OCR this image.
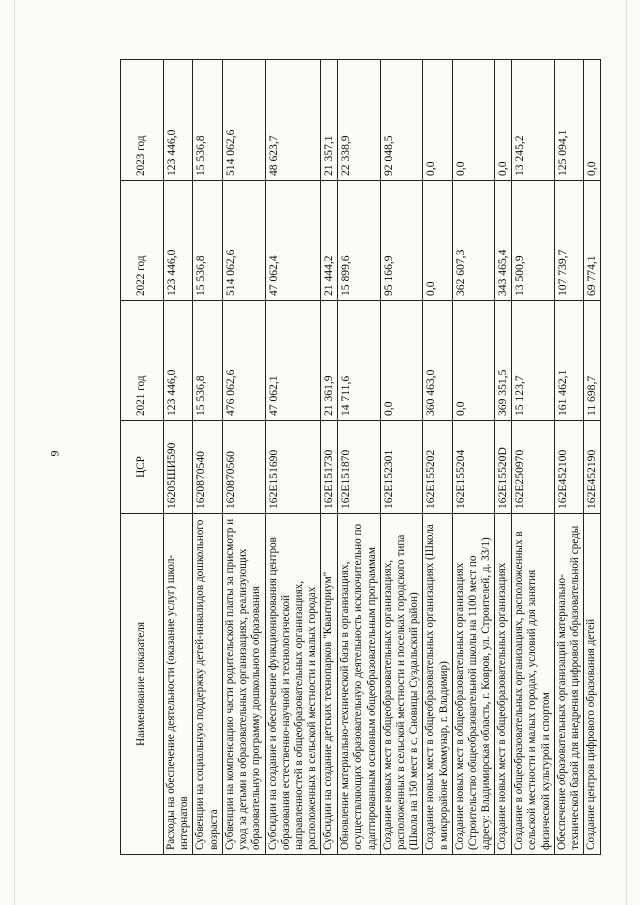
9
Наименование показателя	ЦСР	2021 год	2022 год	2023 год
Расходы на обеспечение деятельности (оказание услуг) школ-интернатов	16205ШИ590	123 446,0	123 446,0	123 446,0
Субвенции на социальную поддержку детей-инвалидов дошкольного возраста	1620870540	15 536,8	15 536,8	15 536,8
Субвенции на компенсацию части родительской платы за присмотр и уход за детьми в образовательных организациях, реализующих образовательную программу дошкольного образования	1620870560	476 062,6	514 062,6	514 062,6
Субсидии на создание и обеспечение функционирования центров образования естественно-научной и технологической направленностей в общеобразовательных организациях, расположенных в сельской местности и малых городах	162E151690	47 062,1	47 062,4	48 623,7
Субсидии на создание детских технопарков "Кванториум"	162E151730	21 361,9	21 444,2	21 357,1
Обновление материально-технической базы в организациях, осуществляющих образовательную деятельность исключительно по адаптированным основным общеобразовательным программам	162E151870	14 711,6	15 899,6	22 338,9
Создание новых мест в общеобразовательных организациях, расположенных в сельской местности и поселках городского типа (Школа на 150 мест в с. Сновицы Суздальский район)	162E152301	0,0	95 166,9	92 048,5
Создание новых мест в общеобразовательных организациях (Школа в микрорайоне Коммунар, г. Владимир)	162E155202	360 463,0	0,0	0,0
Создание новых мест в общеобразовательных организациях (Строительство общеобразовательной школы на 1100 мест по адресу: Владимирская область, г. Ковров, ул. Строителей, д. 33/1)	162E155204	0,0	362 607,3	0,0
Создание новых мест в общеобразовательных организациях	162E15520D	369 351,5	343 465,4	0,0
Создание в общеобразовательных организациях, расположенных в сельской местности и малых городах, условий для занятия физической культурой и спортом	162E250970	15 123,7	13 500,9	13 245,2
Обеспечение образовательных организаций материально-технической базой для внедрения цифровой образовательной среды	162E452100	161 462,1	107 739,7	125 094,1
Создание центров цифрового образования детей	162E452190	11 698,7	69 774,1	0,0
